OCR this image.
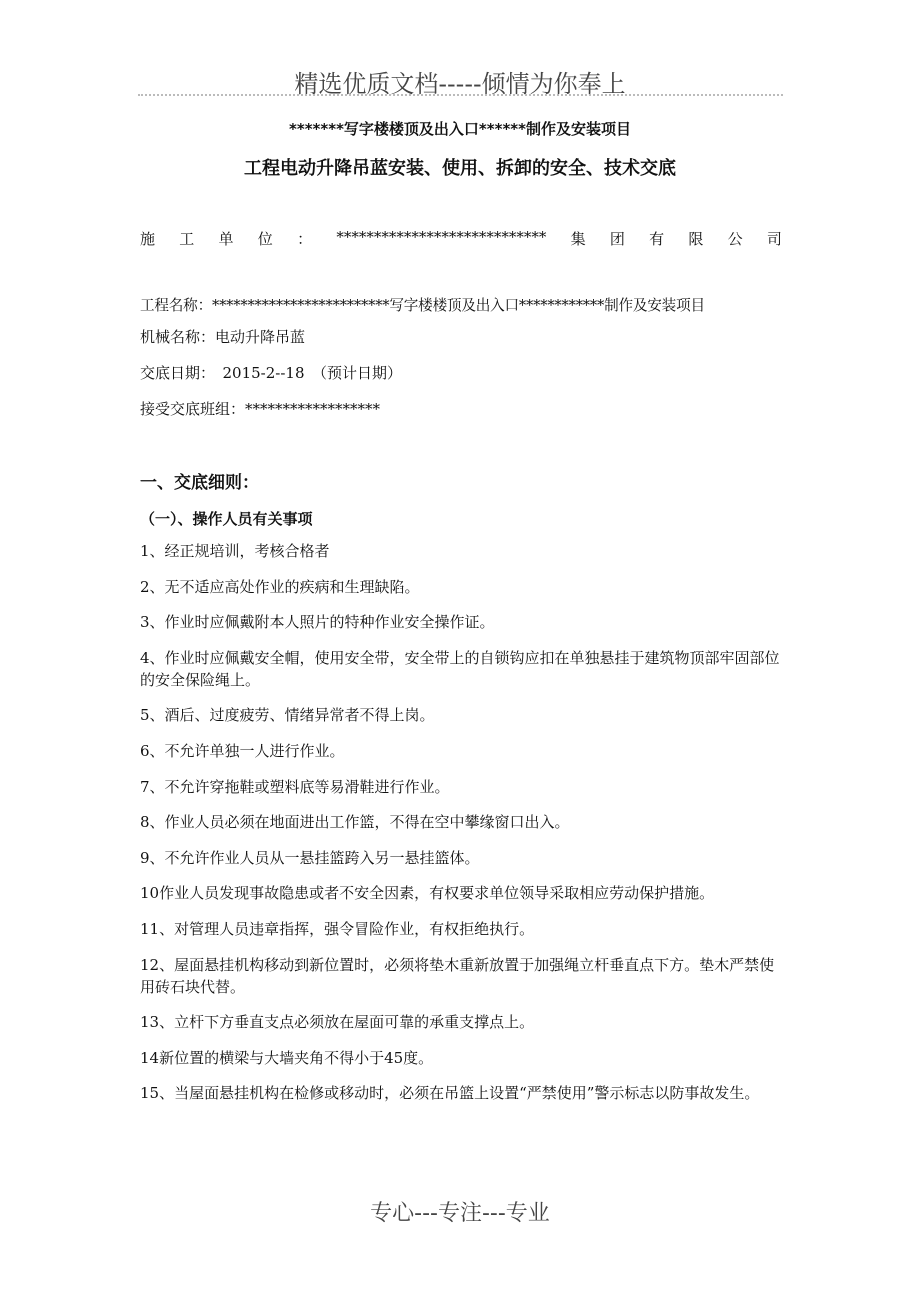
精选优质文档-----倾情为你奉上
*******写字楼楼顶及出入口******制作及安装项目
工程电动升降吊蓝安装、使用、拆卸的安全、技术交底
施 工 单 位 ： **************************** 集 团 有 限 公 司
工程名称：*************************写字楼楼顶及出入口************制作及安装项目
机械名称：电动升降吊蓝
交底日期：　2015-2--18　（预计日期）
接受交底班组：******************
一、交底细则：
（一）、操作人员有关事项

1、经正规培训，考核合格者

2、无不适应高处作业的疾病和生理缺陷。

3、作业时应佩戴附本人照片的特种作业安全操作证。

4、作业时应佩戴安全帽，使用安全带，安全带上的自锁钩应扣在单独悬挂于建筑物顶部牢固部位的安全保险绳上。

5、酒后、过度疲劳、情绪异常者不得上岗。

6、不允许单独一人进行作业。

7、不允许穿拖鞋或塑料底等易滑鞋进行作业。

8、作业人员必须在地面进出工作篮，不得在空中攀缘窗口出入。

9、不允许作业人员从一悬挂篮跨入另一悬挂篮体。

10作业人员发现事故隐患或者不安全因素，有权要求单位领导采取相应劳动保护措施。

11、对管理人员违章指挥，强令冒险作业，有权拒绝执行。

12、屋面悬挂机构移动到新位置时，必须将垫木重新放置于加强绳立杆垂直点下方。垫木严禁使用砖石块代替。

13、立杆下方垂直支点必须放在屋面可靠的承重支撑点上。

14新位置的横梁与大墙夹角不得小于45度。

15、当屋面悬挂机构在检修或移动时，必须在吊篮上设置“严禁使用”警示标志以防事故发生。

专心---专注---专业
